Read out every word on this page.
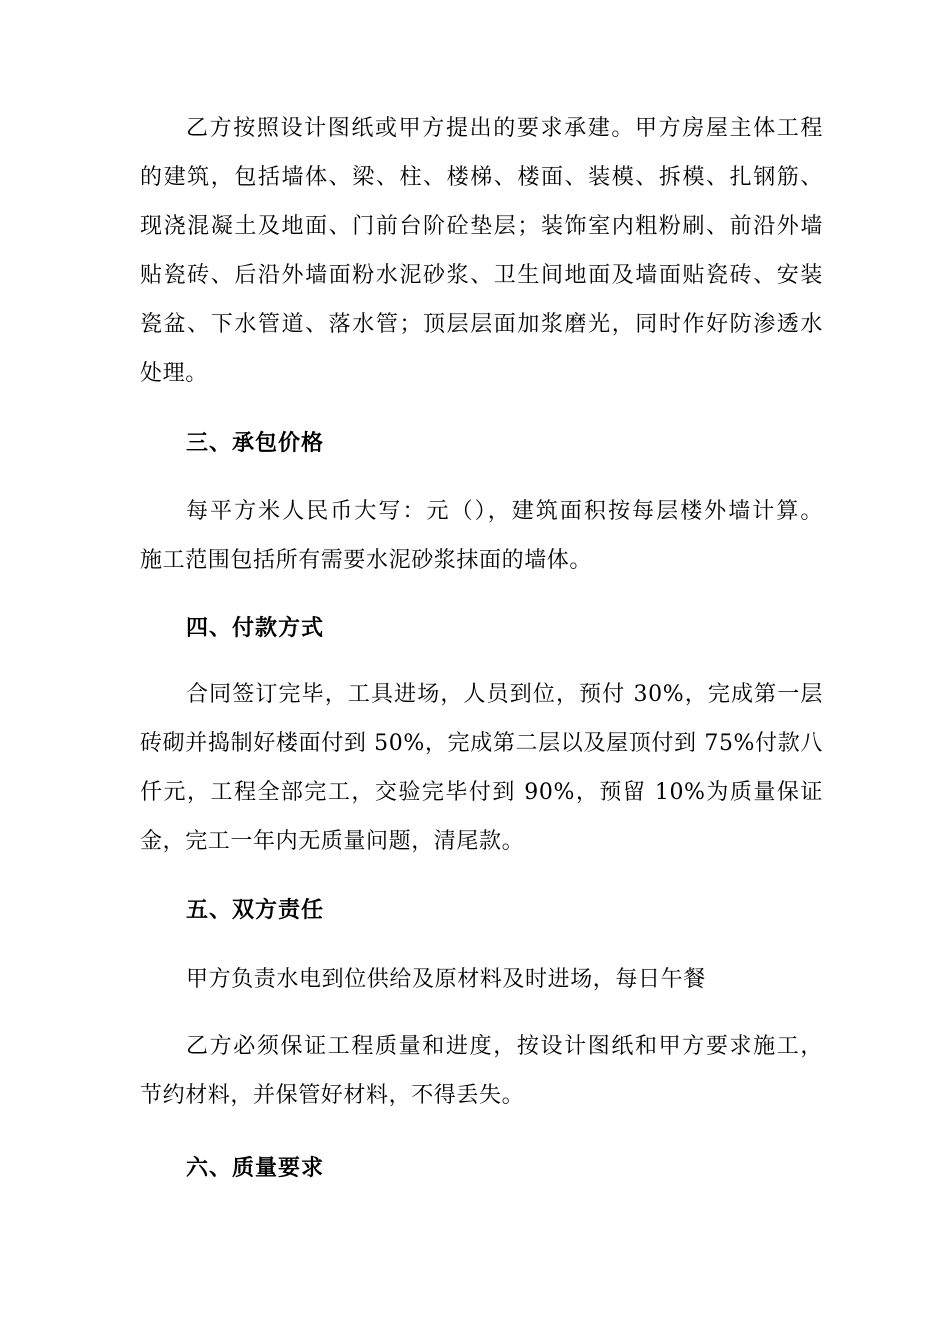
乙方按照设计图纸或甲方提出的要求承建。甲方房屋主体工程
的建筑，包括墙体、梁、柱、楼梯、楼面、装模、拆模、扎钢筋、
现浇混凝土及地面、门前台阶砼垫层；装饰室内粗粉刷、前沿外墙
贴瓷砖、后沿外墙面粉水泥砂浆、卫生间地面及墙面贴瓷砖、安装
瓷盆、下水管道、落水管；顶层层面加浆磨光，同时作好防渗透水
处理。
三、承包价格
每平方米人民币大写：元（），建筑面积按每层楼外墙计算。
施工范围包括所有需要水泥砂浆抹面的墙体。
四、付款方式
合同签订完毕，工具进场，人员到位，预付 30%，完成第一层
砖砌并捣制好楼面付到 50%，完成第二层以及屋顶付到 75%付款八
仟元，工程全部完工，交验完毕付到 90%，预留 10%为质量保证
金，完工一年内无质量问题，清尾款。
五、双方责任
甲方负责水电到位供给及原材料及时进场，每日午餐
乙方必须保证工程质量和进度，按设计图纸和甲方要求施工，
节约材料，并保管好材料，不得丢失。
六、质量要求
